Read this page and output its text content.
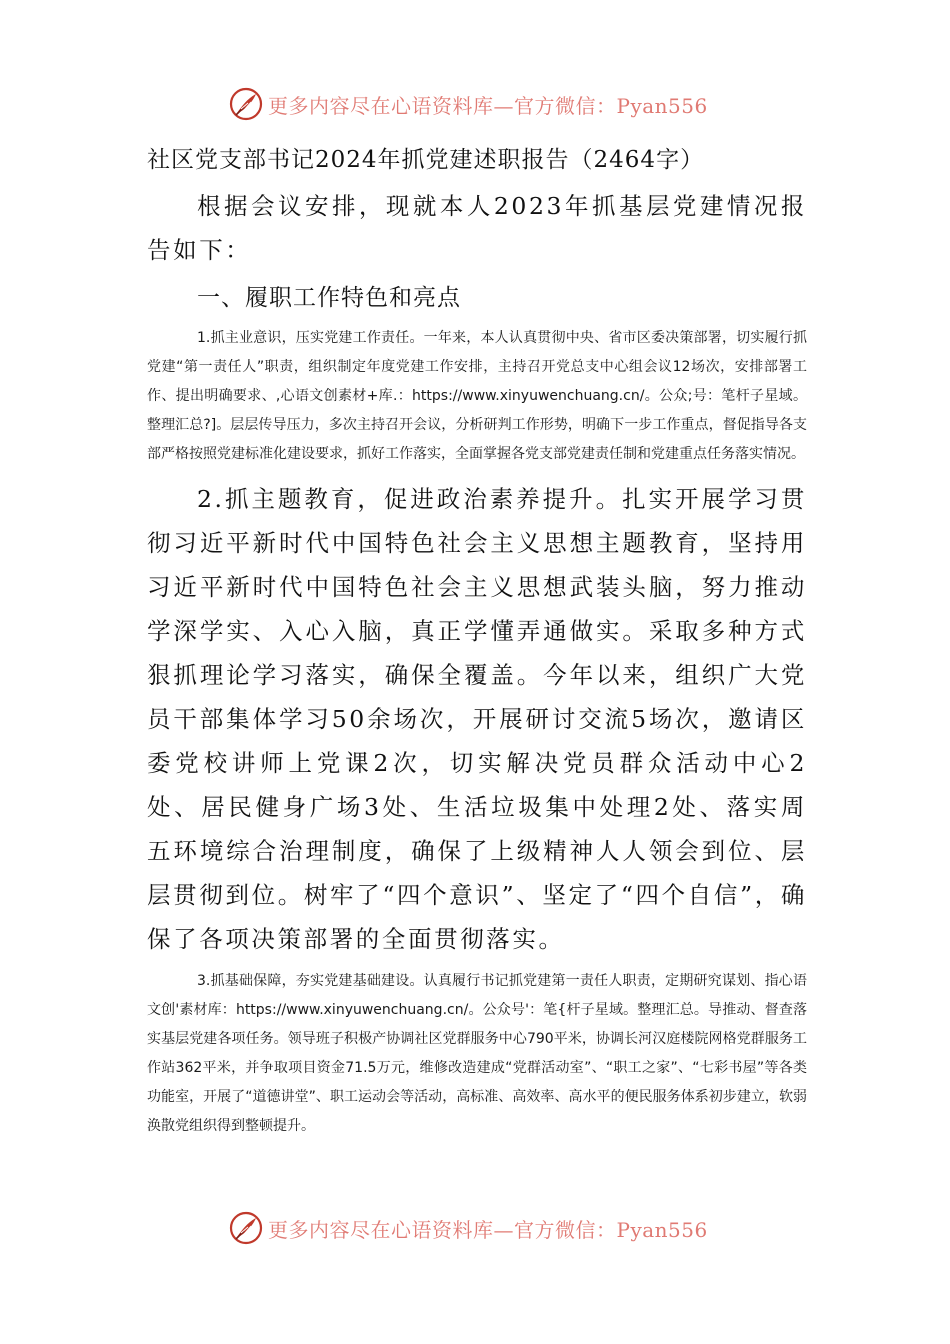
更多内容尽在心语资料库—官方微信：Pyan556

社区党支部书记2024年抓党建述职报告（2464字）

根据会议安排，现就本人2023年抓基层党建情况报告如下：

一、履职工作特色和亮点

1.抓主业意识，压实党建工作责任。一年来，本人认真贯彻中央、省市区委决策部署，切实履行抓党建“第一责任人”职责，组织制定年度党建工作安排，主持召开党总支中心组会议12场次，安排部署工作、提出明确要求、,心语文创素材+库.：https://www.xinyuwenchuang.cn/。公众;号：笔杆子星域。整理汇总?]。层层传导压力，多次主持召开会议，分析研判工作形势，明确下一步工作重点，督促指导各支部严格按照党建标准化建设要求，抓好工作落实，全面掌握各党支部党建责任制和党建重点任务落实情况。

2.抓主题教育，促进政治素养提升。扎实开展学习贯彻习近平新时代中国特色社会主义思想主题教育，坚持用习近平新时代中国特色社会主义思想武装头脑，努力推动学深学实、入心入脑，真正学懂弄通做实。采取多种方式狠抓理论学习落实，确保全覆盖。今年以来，组织广大党员干部集体学习50余场次，开展研讨交流5场次，邀请区委党校讲师上党课2次，切实解决党员群众活动中心2处、居民健身广场3处、生活垃圾集中处理2处、落实周五环境综合治理制度，确保了上级精神人人领会到位、层层贯彻到位。树牢了“四个意识”、坚定了“四个自信”，确保了各项决策部署的全面贯彻落实。

3.抓基础保障，夯实党建基础建设。认真履行书记抓党建第一责任人职责，定期研究谋划、指心语文创'素材库：https://www.xinyuwenchuang.cn/。公众号'：笔{杆子星域。整理汇总。导推动、督查落实基层党建各项任务。领导班子积极产协调社区党群服务中心790平米，协调长河汉庭楼院网格党群服务工作站362平米，并争取项目资金71.5万元，维修改造建成“党群活动室”、“职工之家”、“七彩书屋”等各类功能室，开展了“道德讲堂”、职工运动会等活动，高标准、高效率、高水平的便民服务体系初步建立，软弱涣散党组织得到整顿提升。

更多内容尽在心语资料库—官方微信：Pyan556
